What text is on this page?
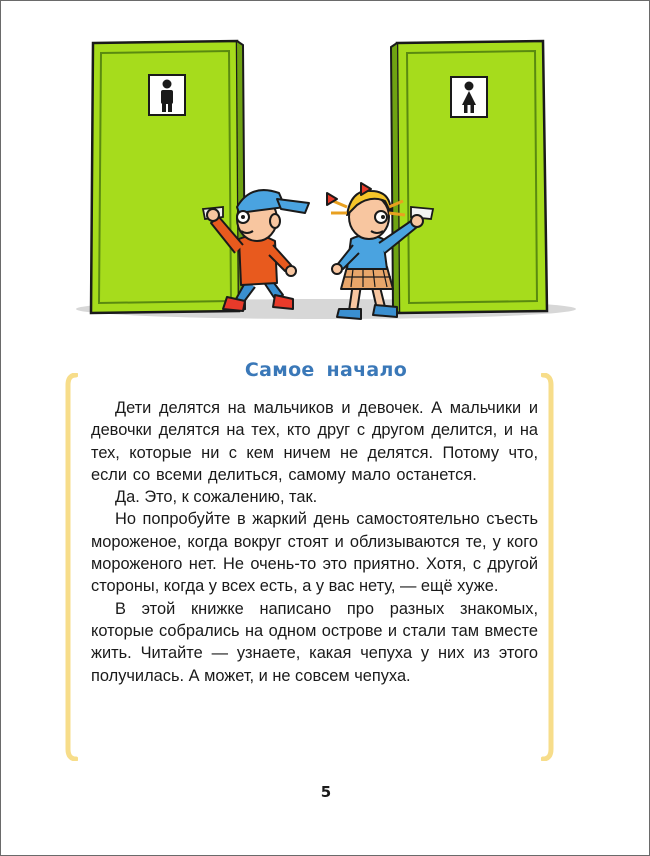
Самое начало

Дети делятся на мальчиков и девочек. А мальчики и девочки делятся на тех, кто друг с другом делится, и на тех, которые ни с кем ничем не делятся. Потому что, если со всеми делиться, самому мало останется.

Да. Это, к сожалению, так.

Но попробуйте в жаркий день самостоятельно съесть мороженое, когда вокруг стоят и облизываются те, у кого мороженого нет. Не очень-то это приятно. Хотя, с другой стороны, когда у всех есть, а у вас нету, — ещё хуже.

В этой книжке написано про разных знакомых, которые собрались на одном острове и стали там вместе жить. Читайте — узнаете, какая чепуха у них из этого получилась. А может, и не совсем чепуха.

5
